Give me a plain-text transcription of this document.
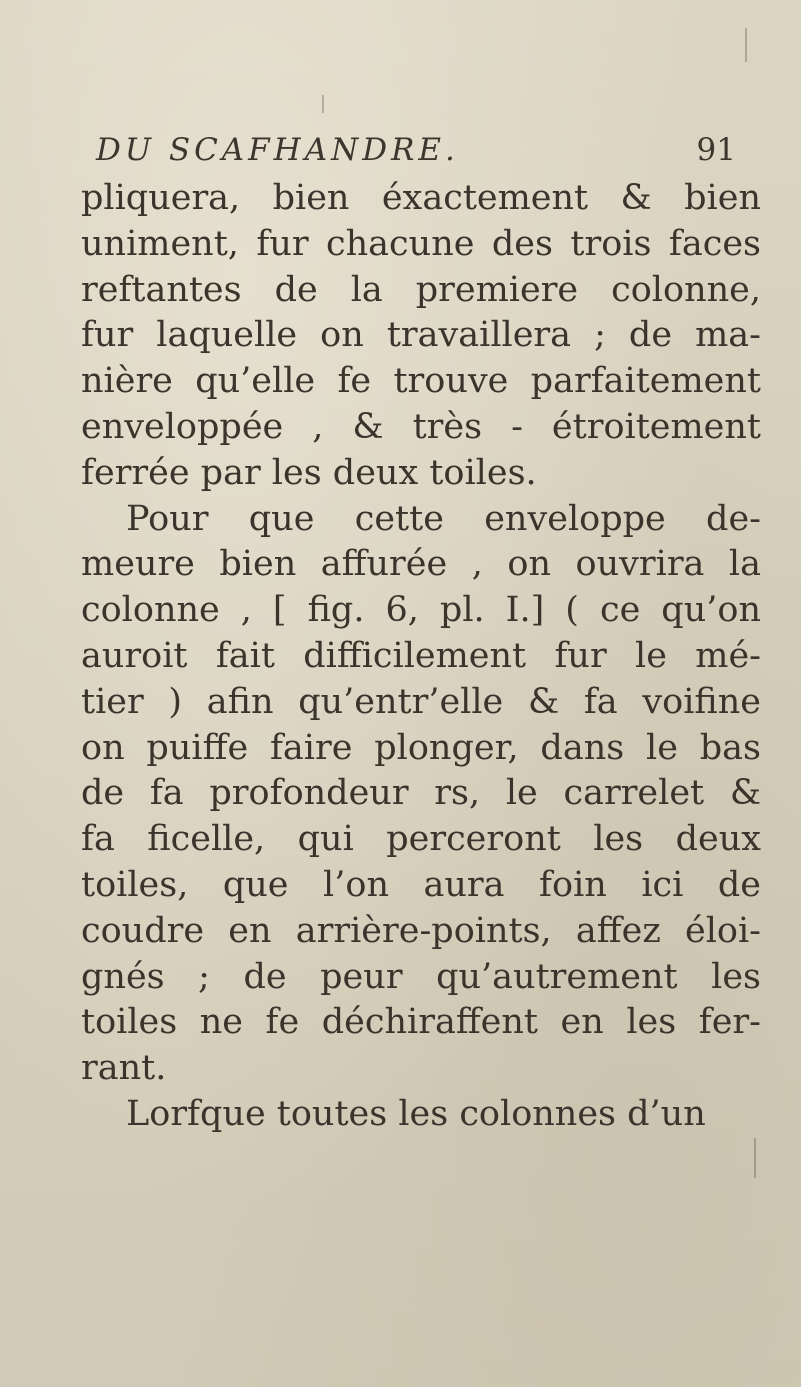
DU SCAFHANDRE.	91
pliquera, bien éxactement & bien
uniment, fur chacune des trois faces
reftantes de la premiere colonne,
fur laquelle on travaillera ; de ma-
nière qu’elle fe trouve parfaitement
enveloppée , & très - étroitement
ferrée par les deux toiles.
Pour que cette enveloppe de-
meure bien affurée , on ouvrira la
colonne , [ fig. 6, pl. I.] ( ce qu’on
auroit fait difficilement fur le mé-
tier ) afin qu’entr’elle & fa voifine
on puiffe faire plonger, dans le bas
de fa profondeur rs, le carrelet &
fa ficelle, qui perceront les deux
toiles, que l’on aura foin ici de
coudre en arrière-points, affez éloi-
gnés ; de peur qu’autrement les
toiles ne fe déchiraffent en les fer-
rant.
Lorfque toutes les colonnes d’un
